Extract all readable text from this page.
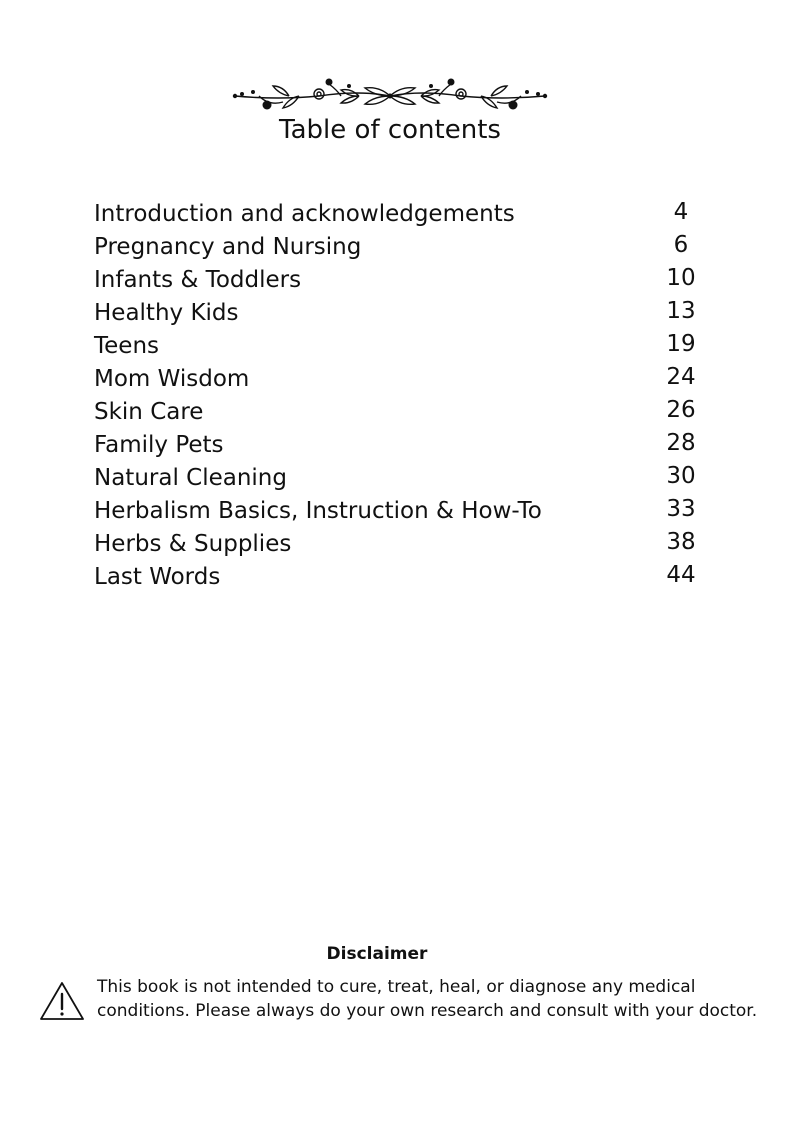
Table of contents
Introduction and acknowledgements	4
Pregnancy and Nursing	6
Infants & Toddlers	10
Healthy Kids	13
Teens	19
Mom Wisdom	24
Skin Care	26
Family Pets	28
Natural Cleaning	30
Herbalism Basics, Instruction & How-To	33
Herbs & Supplies	38
Last Words	44
Disclaimer

This book is not intended to cure, treat, heal, or diagnose any medical conditions. Please always do your own research and consult with your doctor.
